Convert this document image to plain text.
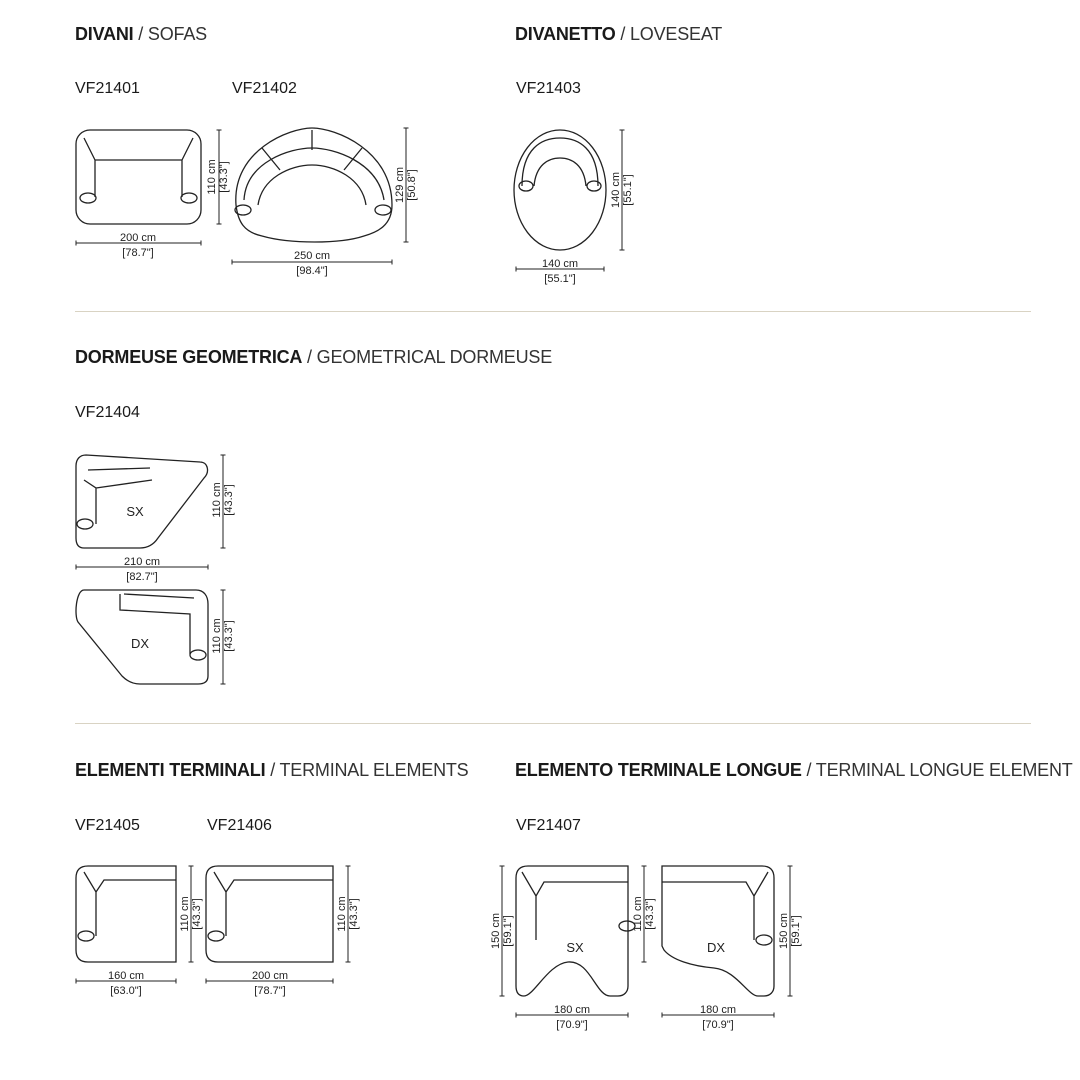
DIVANI / SOFAS	DIVANETTO / LOVESEAT
DORMEUSE GEOMETRICA / GEOMETRICAL DORMEUSE
ELEMENTI TERMINALI / TERMINAL ELEMENTS	ELEMENTO TERMINALE LONGUE / TERMINAL LONGUE ELEMENT
VF21401	VF21402	VF21403
VF21404
VF21405	VF21406	VF21407
200 cm
[78.7"]
110 cm [43.3"]
250 cm
[98.4"]
129 cm [50.8"]
140 cm
[55.1"]
140 cm [55.1"]
SX
210 cm
[82.7"]
110 cm [43.3"]
DX	110 cm [43.3"]
160 cm
[63.0"]
110 cm [43.3"]
200 cm
[78.7"]
110 cm [43.3"]
SX
180 cm
[70.9"]
150 cm [59.1"]	110 cm [43.3"]
DX
180 cm
[70.9"]
150 cm [59.1"]
